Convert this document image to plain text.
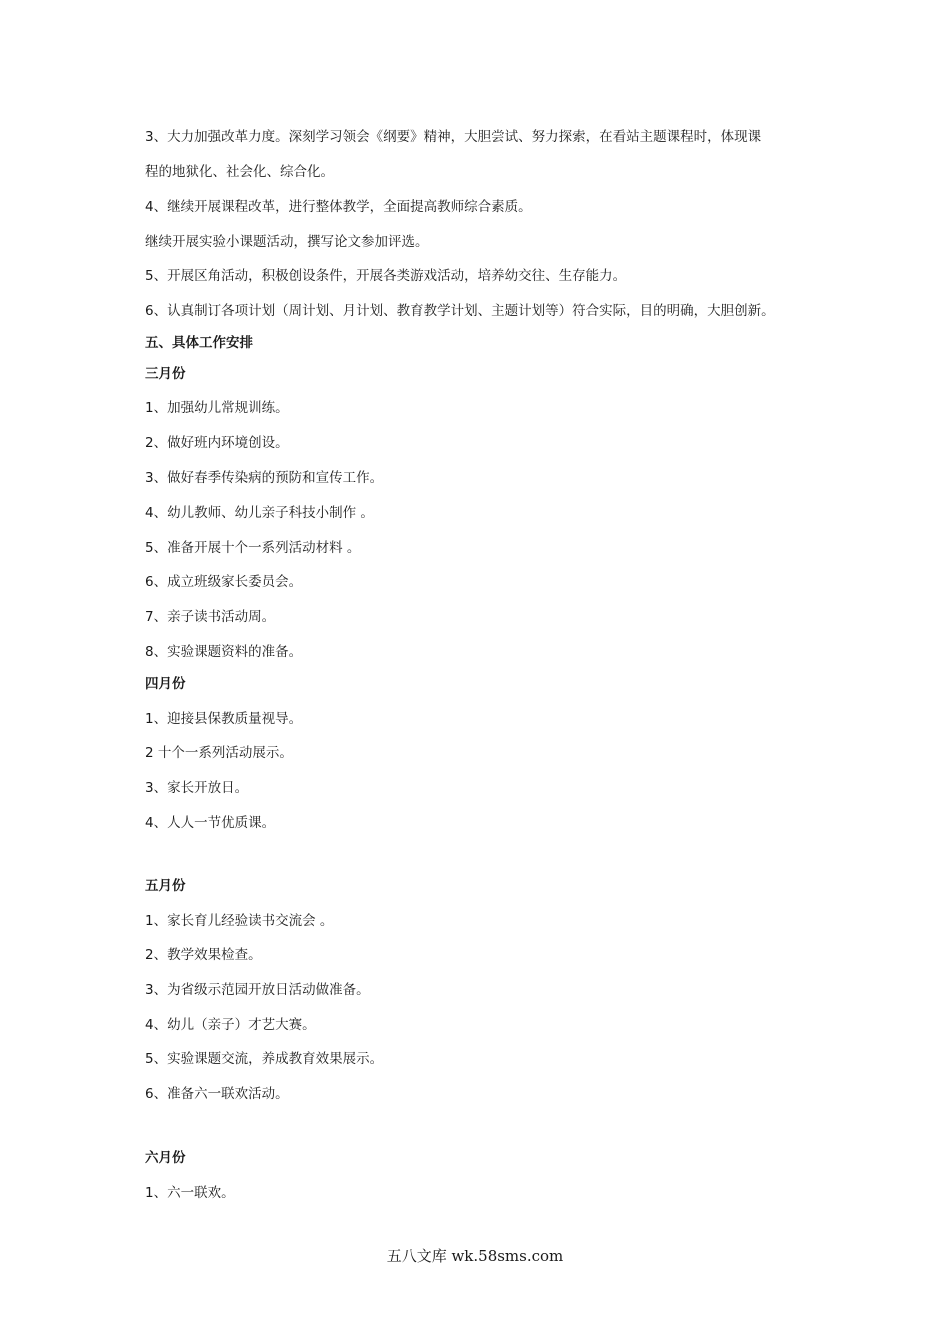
3、大力加强改革力度。深刻学习领会《纲要》精神，大胆尝试、努力探索，在看站主题课程时，体现课
程的地狱化、社会化、综合化。
4、继续开展课程改革，进行整体教学，全面提高教师综合素质。
继续开展实验小课题活动，撰写论文参加评选。
5、开展区角活动，积极创设条件，开展各类游戏活动，培养幼交往、生存能力。
6、认真制订各项计划（周计划、月计划、教育教学计划、主题计划等）符合实际，目的明确，大胆创新。
五、具体工作安排
三月份
1、加强幼儿常规训练。
2、做好班内环境创设。
3、做好春季传染病的预防和宣传工作。
4、幼儿教师、幼儿亲子科技小制作 。
5、准备开展十个一系列活动材料 。
6、成立班级家长委员会。
7、亲子读书活动周。
8、实验课题资料的准备。
四月份
1、迎接县保教质量视导。
2 十个一系列活动展示。
3、家长开放日。
4、人人一节优质课。
五月份
1、家长育儿经验读书交流会 。
2、教学效果检查。
3、为省级示范园开放日活动做准备。
4、幼儿（亲子）才艺大赛。
5、实验课题交流，养成教育效果展示。
6、准备六一联欢活动。
六月份
1、六一联欢。
五八文库 wk.58sms.com
